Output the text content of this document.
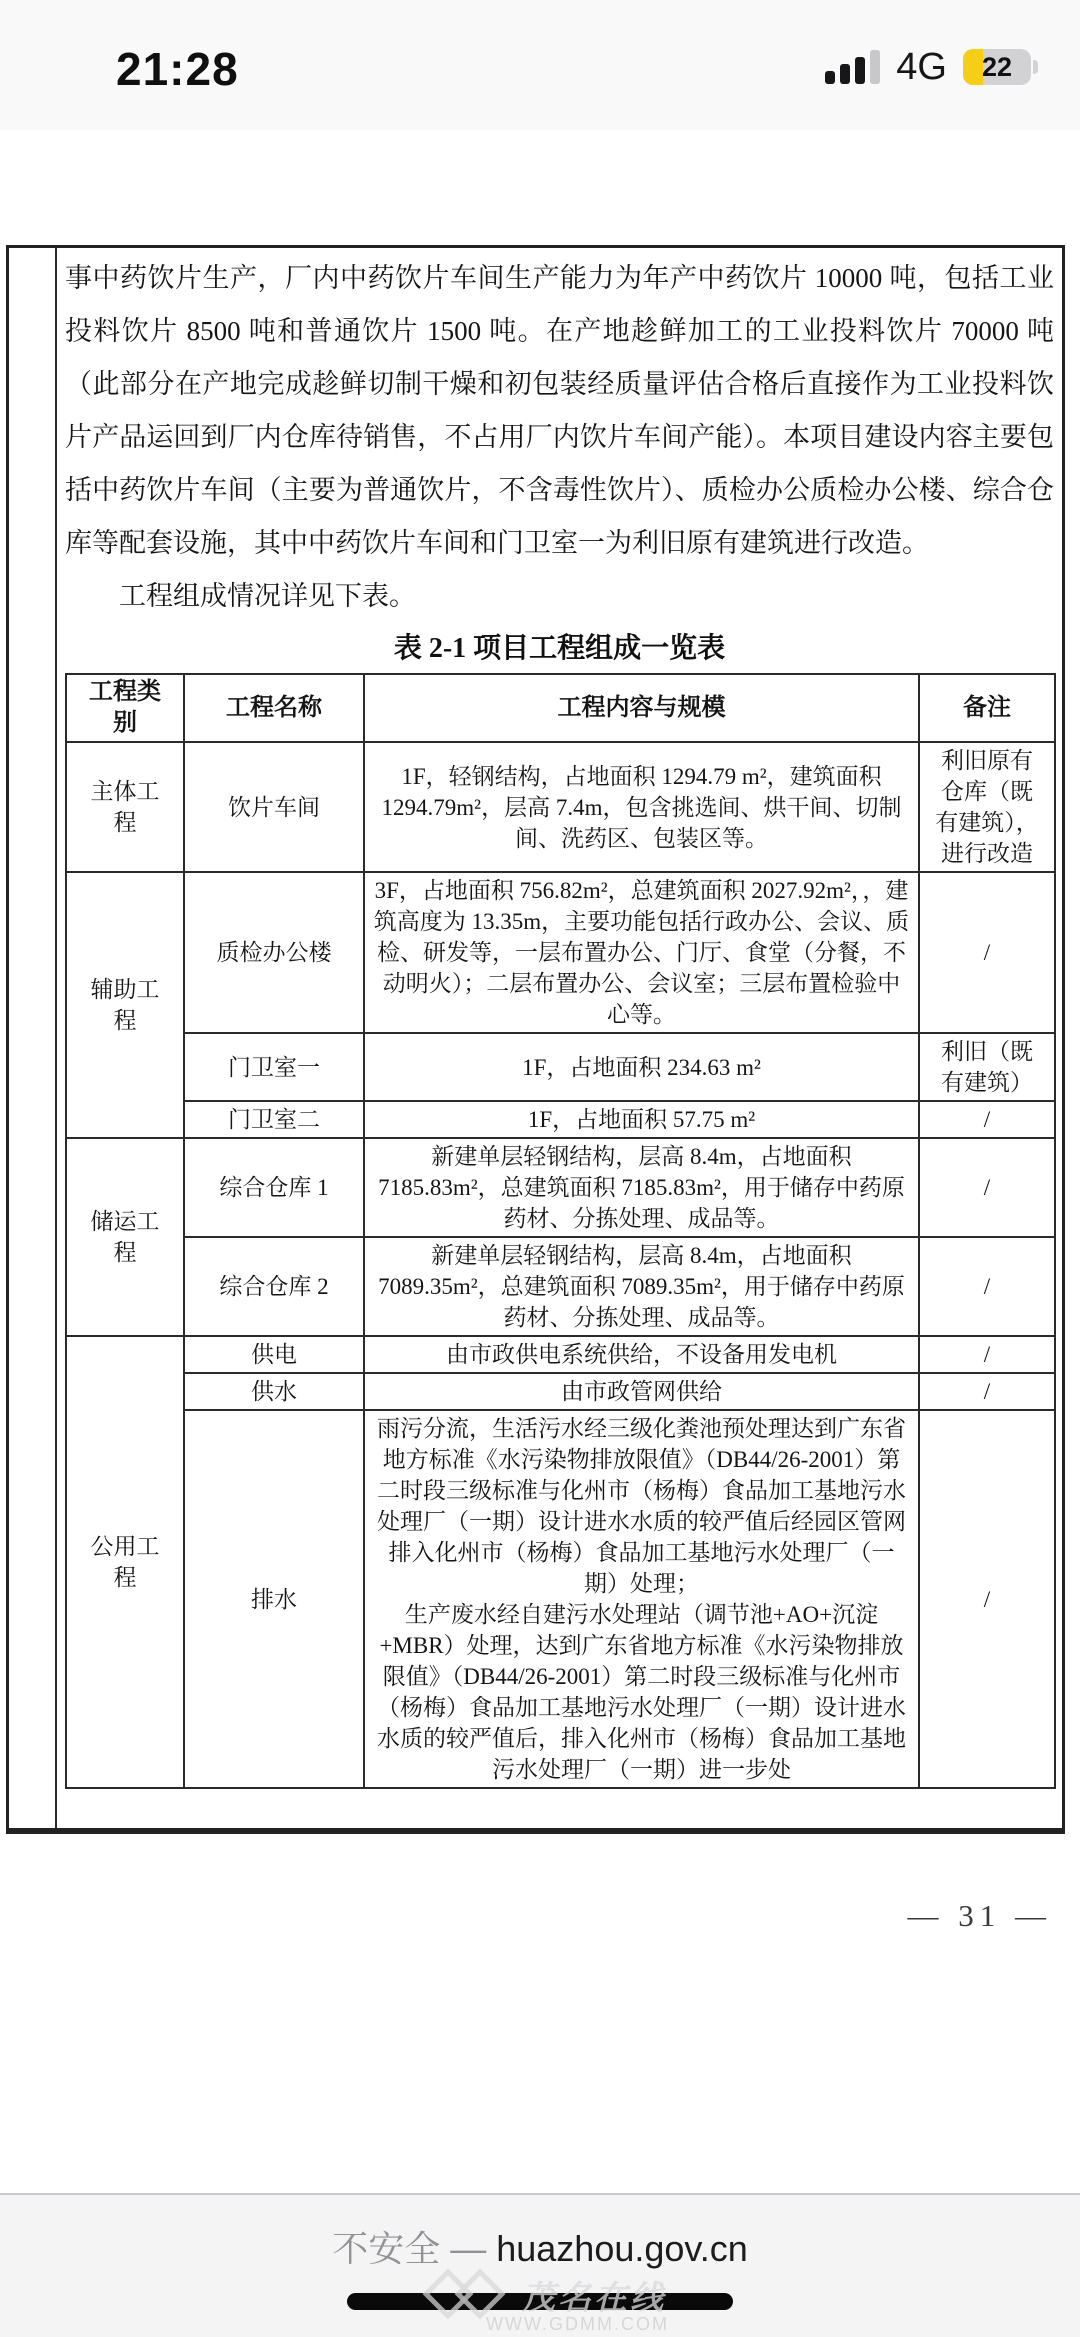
21:28	4G	22
事中药饮片生产，厂内中药饮片车间生产能力为年产中药饮片 10000 吨，包括工业投料饮片 8500 吨和普通饮片 1500 吨。在产地趁鲜加工的工业投料饮片 70000 吨（此部分在产地完成趁鲜切制干燥和初包装经质量评估合格后直接作为工业投料饮片产品运回到厂内仓库待销售，不占用厂内饮片车间产能）。本项目建设内容主要包括中药饮片车间（主要为普通饮片，不含毒性饮片）、质检办公质检办公楼、综合仓库等配套设施，其中中药饮片车间和门卫室一为利旧原有建筑进行改造。
工程组成情况详见下表。
表 2-1 项目工程组成一览表
工程类别	工程名称	工程内容与规模	备注
主体工程	饮片车间	1F，轻钢结构，占地面积 1294.79 m²，建筑面积 1294.79m²，层高 7.4m，包含挑选间、烘干间、切制间、洗药区、包装区等。	利旧原有仓库（既有建筑），进行改造
辅助工程	质检办公楼	3F，占地面积 756.82m²，总建筑面积 2027.92m²，，建筑高度为 13.35m，主要功能包括行政办公、会议、质检、研发等，一层布置办公、门厅、食堂（分餐，不动明火）；二层布置办公、会议室；三层布置检验中心等。	/
	门卫室一	1F，占地面积 234.63 m²	利旧（既有建筑）
	门卫室二	1F，占地面积 57.75 m²	/
储运工程	综合仓库 1	新建单层轻钢结构，层高 8.4m，占地面积 7185.83m²，总建筑面积 7185.83m²，用于储存中药原药材、分拣处理、成品等。	/
	综合仓库 2	新建单层轻钢结构，层高 8.4m，占地面积 7089.35m²，总建筑面积 7089.35m²，用于储存中药原药材、分拣处理、成品等。	/
公用工程	供电	由市政供电系统供给，不设备用发电机	/
	供水	由市政管网供给	/
	排水	雨污分流，生活污水经三级化粪池预处理达到广东省地方标准《水污染物排放限值》（DB44/26-2001）第二时段三级标准与化州市（杨梅）食品加工基地污水处理厂（一期）设计进水水质的较严值后经园区管网排入化州市（杨梅）食品加工基地污水处理厂（一期）处理；
生产废水经自建污水处理站（调节池+AO+沉淀+MBR）处理，达到广东省地方标准《水污染物排放限值》（DB44/26-2001）第二时段三级标准与化州市（杨梅）食品加工基地污水处理厂（一期）设计进水水质的较严值后，排入化州市（杨梅）食品加工基地污水处理厂（一期）进一步处	/
— 31 —
不安全 — huazhou.gov.cn
茂名在线
WWW.GDMM.COM
